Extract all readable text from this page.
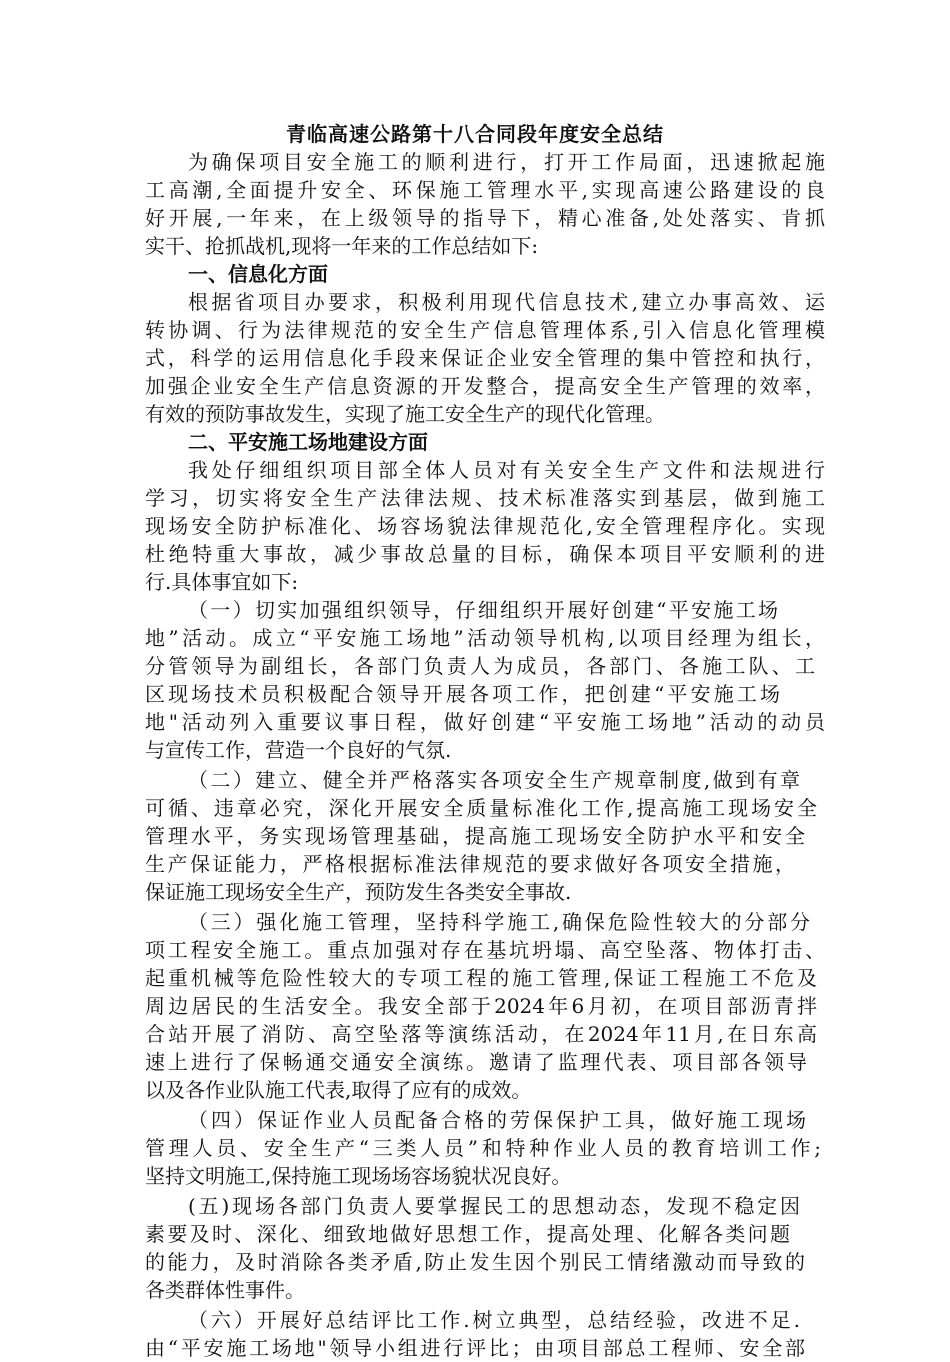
青临高速公路第十八合同段年度安全总结
为确保项目安全施工的顺利进行，打开工作局面，迅速掀起施
工高潮,全面提升安全、环保施工管理水平,实现高速公路建设的良
好开展,一年来，在上级领导的指导下，精心准备,处处落实、肯抓
实干、抢抓战机,现将一年来的工作总结如下:
一、信息化方面
根据省项目办要求，积极利用现代信息技术,建立办事高效、运
转协调、行为法律规范的安全生产信息管理体系,引入信息化管理模
式，科学的运用信息化手段来保证企业安全管理的集中管控和执行，
加强企业安全生产信息资源的开发整合，提高安全生产管理的效率，
有效的预防事故发生，实现了施工安全生产的现代化管理。
二、平安施工场地建设方面
我处仔细组织项目部全体人员对有关安全生产文件和法规进行
学习，切实将安全生产法律法规、技术标准落实到基层，做到施工
现场安全防护标准化、场容场貌法律规范化,安全管理程序化。实现
杜绝特重大事故，减少事故总量的目标，确保本项目平安顺利的进
行.具体事宜如下:
（一）切实加强组织领导，仔细组织开展好创建“平安施工场
地”活动。成立“平安施工场地”活动领导机构,以项目经理为组长，
分管领导为副组长，各部门负责人为成员，各部门、各施工队、工
区现场技术员积极配合领导开展各项工作，把创建“平安施工场
地"活动列入重要议事日程，做好创建“平安施工场地”活动的动员
与宣传工作，营造一个良好的气氛.
（二）建立、健全并严格落实各项安全生产规章制度,做到有章
可循、违章必究，深化开展安全质量标准化工作,提高施工现场安全
管理水平，务实现场管理基础，提高施工现场安全防护水平和安全
生产保证能力，严格根据标准法律规范的要求做好各项安全措施，
保证施工现场安全生产，预防发生各类安全事故.
（三）强化施工管理，坚持科学施工,确保危险性较大的分部分
项工程安全施工。重点加强对存在基坑坍塌、高空坠落、物体打击、
起重机械等危险性较大的专项工程的施工管理,保证工程施工不危及
周边居民的生活安全。我安全部于2024年6月初，在项目部沥青拌
合站开展了消防、高空坠落等演练活动，在2024年11月,在日东高
速上进行了保畅通交通安全演练。邀请了监理代表、项目部各领导
以及各作业队施工代表,取得了应有的成效。
（四）保证作业人员配备合格的劳保保护工具，做好施工现场
管理人员、安全生产“三类人员”和特种作业人员的教育培训工作;
坚持文明施工,保持施工现场场容场貌状况良好。
(五)现场各部门负责人要掌握民工的思想动态，发现不稳定因
素要及时、深化、细致地做好思想工作，提高处理、化解各类问题
的能力，及时消除各类矛盾,防止发生因个别民工情绪激动而导致的
各类群体性事件。
（六）开展好总结评比工作.树立典型，总结经验，改进不足.
由“平安施工场地"领导小组进行评比；由项目部总工程师、安全部
